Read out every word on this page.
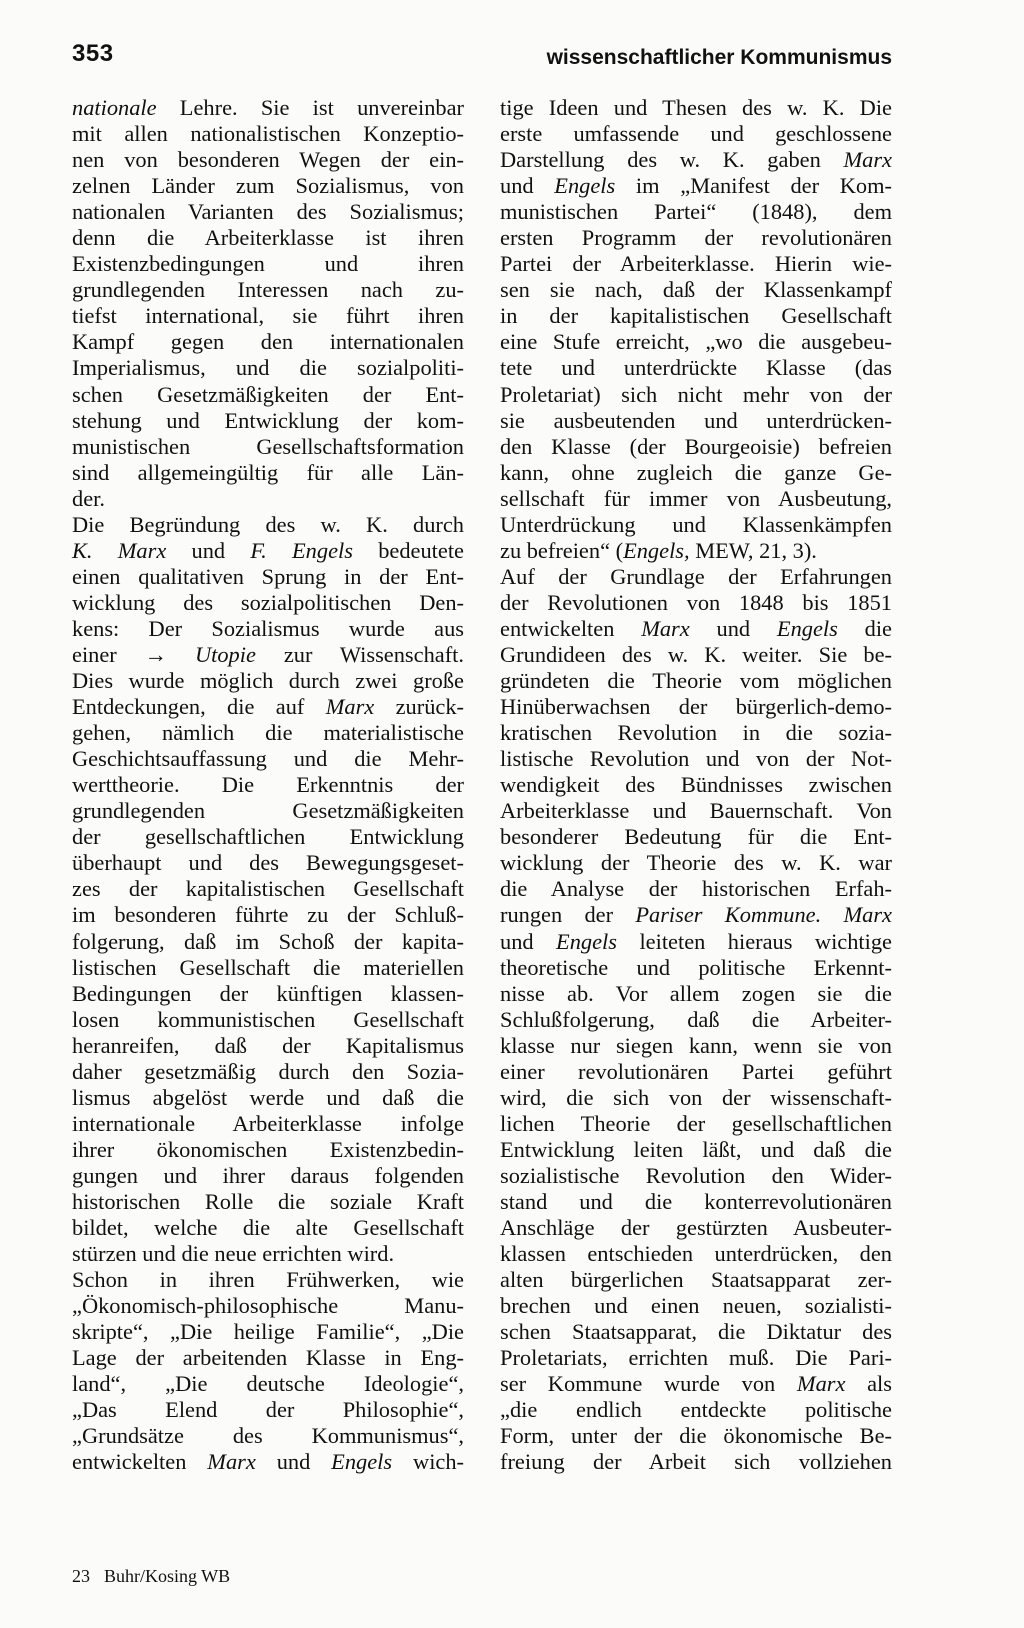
353	wissenschaftlicher Kommunismus
nationale Lehre. Sie ist unvereinbar
mit allen nationalistischen Konzeptio-
nen von besonderen Wegen der ein-
zelnen Länder zum Sozialismus, von
nationalen Varianten des Sozialismus;
denn die Arbeiterklasse ist ihren
Existenzbedingungen und ihren
grundlegenden Interessen nach zu-
tiefst international, sie führt ihren
Kampf gegen den internationalen
Imperialismus, und die sozialpoliti-
schen Gesetzmäßigkeiten der Ent-
stehung und Entwicklung der kom-
munistischen Gesellschaftsformation
sind allgemeingültig für alle Län-
der.
Die Begründung des w. K. durch
K. Marx und F. Engels bedeutete
einen qualitativen Sprung in der Ent-
wicklung des sozialpolitischen Den-
kens: Der Sozialismus wurde aus
einer → Utopie zur Wissenschaft.
Dies wurde möglich durch zwei große
Entdeckungen, die auf Marx zurück-
gehen, nämlich die materialistische
Geschichtsauffassung und die Mehr-
werttheorie. Die Erkenntnis der
grundlegenden Gesetzmäßigkeiten
der gesellschaftlichen Entwicklung
überhaupt und des Bewegungsgeset-
zes der kapitalistischen Gesellschaft
im besonderen führte zu der Schluß-
folgerung, daß im Schoß der kapita-
listischen Gesellschaft die materiellen
Bedingungen der künftigen klassen-
losen kommunistischen Gesellschaft
heranreifen, daß der Kapitalismus
daher gesetzmäßig durch den Sozia-
lismus abgelöst werde und daß die
internationale Arbeiterklasse infolge
ihrer ökonomischen Existenzbedin-
gungen und ihrer daraus folgenden
historischen Rolle die soziale Kraft
bildet, welche die alte Gesellschaft
stürzen und die neue errichten wird.
Schon in ihren Frühwerken, wie
„Ökonomisch-philosophische Manu-
skripte“, „Die heilige Familie“, „Die
Lage der arbeitenden Klasse in Eng-
land“, „Die deutsche Ideologie“,
„Das Elend der Philosophie“,
„Grundsätze des Kommunismus“,
entwickelten Marx und Engels wich-
tige Ideen und Thesen des w. K. Die
erste umfassende und geschlossene
Darstellung des w. K. gaben Marx
und Engels im „Manifest der Kom-
munistischen Partei“ (1848), dem
ersten Programm der revolutionären
Partei der Arbeiterklasse. Hierin wie-
sen sie nach, daß der Klassenkampf
in der kapitalistischen Gesellschaft
eine Stufe erreicht, „wo die ausgebeu-
tete und unterdrückte Klasse (das
Proletariat) sich nicht mehr von der
sie ausbeutenden und unterdrücken-
den Klasse (der Bourgeoisie) befreien
kann, ohne zugleich die ganze Ge-
sellschaft für immer von Ausbeutung,
Unterdrückung und Klassenkämpfen
zu befreien“ (Engels, MEW, 21, 3).
Auf der Grundlage der Erfahrungen
der Revolutionen von 1848 bis 1851
entwickelten Marx und Engels die
Grundideen des w. K. weiter. Sie be-
gründeten die Theorie vom möglichen
Hinüberwachsen der bürgerlich-demo-
kratischen Revolution in die sozia-
listische Revolution und von der Not-
wendigkeit des Bündnisses zwischen
Arbeiterklasse und Bauernschaft. Von
besonderer Bedeutung für die Ent-
wicklung der Theorie des w. K. war
die Analyse der historischen Erfah-
rungen der Pariser Kommune. Marx
und Engels leiteten hieraus wichtige
theoretische und politische Erkennt-
nisse ab. Vor allem zogen sie die
Schlußfolgerung, daß die Arbeiter-
klasse nur siegen kann, wenn sie von
einer revolutionären Partei geführt
wird, die sich von der wissenschaft-
lichen Theorie der gesellschaftlichen
Entwicklung leiten läßt, und daß die
sozialistische Revolution den Wider-
stand und die konterrevolutionären
Anschläge der gestürzten Ausbeuter-
klassen entschieden unterdrücken, den
alten bürgerlichen Staatsapparat zer-
brechen und einen neuen, sozialisti-
schen Staatsapparat, die Diktatur des
Proletariats, errichten muß. Die Pari-
ser Kommune wurde von Marx als
„die endlich entdeckte politische
Form, unter der die ökonomische Be-
freiung der Arbeit sich vollziehen
23 Buhr/Kosing WB
